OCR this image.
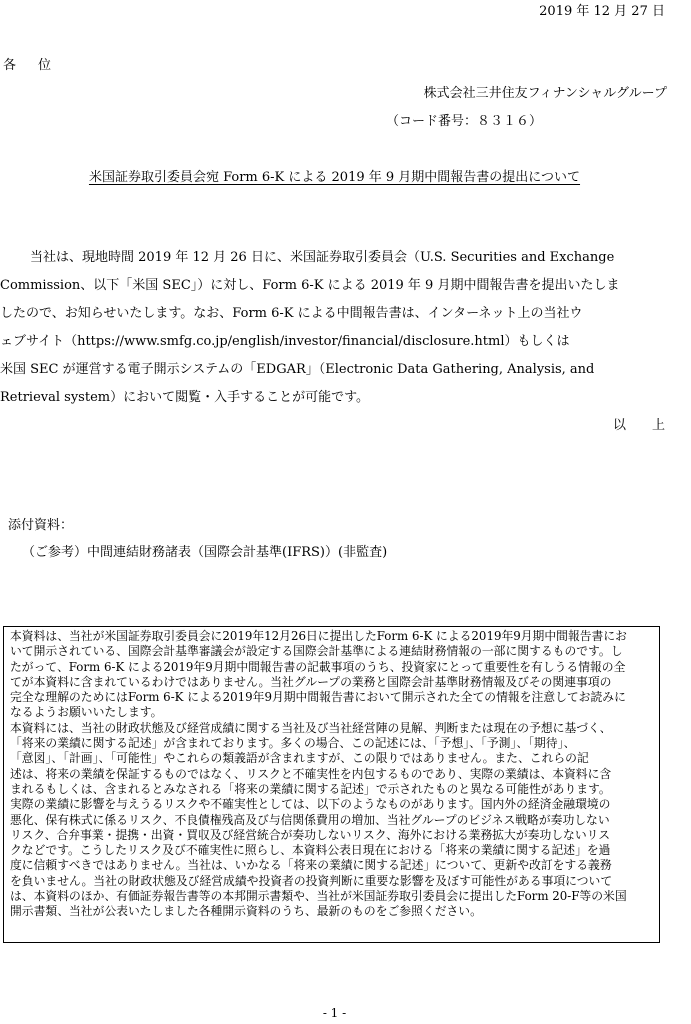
2019 年 12 月 27 日
各位
株式会社三井住友フィナンシャルグループ
（コード番号：８３１６）
米国証券取引委員会宛 Form 6-K による 2019 年 9 月期中間報告書の提出について
当社は、現地時間 2019 年 12 月 26 日に、米国証券取引委員会（U.S. Securities and Exchange
Commission、以下「米国 SEC」）に対し、Form 6-K による 2019 年 9 月期中間報告書を提出いたしま
したので、お知らせいたします。なお、Form 6-K による中間報告書は、インターネット上の当社ウ
ェブサイト（https://www.smfg.co.jp/english/investor/financial/disclosure.html）もしくは
米国 SEC が運営する電子開示システムの「EDGAR」（Electronic Data Gathering, Analysis, and
Retrieval system）において閲覧・入手することが可能です。
以上
添付資料：
（ご参考）中間連結財務諸表（国際会計基準(IFRS)）(非監査)
本資料は、当社が米国証券取引委員会に2019年12月26日に提出したForm 6-K による2019年9月期中間報告書にお
いて開示されている、国際会計基準審議会が設定する国際会計基準による連結財務情報の一部に関するものです。し
たがって、Form 6-K による2019年9月期中間報告書の記載事項のうち、投資家にとって重要性を有しうる情報の全
てが本資料に含まれているわけではありません。当社グループの業務と国際会計基準財務情報及びその関連事項の
完全な理解のためにはForm 6-K による2019年9月期中間報告書において開示された全ての情報を注意してお読みに
なるようお願いいたします。
本資料には、当社の財政状態及び経営成績に関する当社及び当社経営陣の見解、判断または現在の予想に基づく、
「将来の業績に関する記述」が含まれております。多くの場合、この記述には、「予想」、「予測」、「期待」、
「意図」、「計画」、「可能性」やこれらの類義語が含まれますが、この限りではありません。また、これらの記
述は、将来の業績を保証するものではなく、リスクと不確実性を内包するものであり、実際の業績は、本資料に含
まれるもしくは、含まれるとみなされる「将来の業績に関する記述」で示されたものと異なる可能性があります。
実際の業績に影響を与えうるリスクや不確実性としては、以下のようなものがあります。国内外の経済金融環境の
悪化、保有株式に係るリスク、不良債権残高及び与信関係費用の増加、当社グループのビジネス戦略が奏功しない
リスク、合弁事業・提携・出資・買収及び経営統合が奏功しないリスク、海外における業務拡大が奏功しないリス
クなどです。こうしたリスク及び不確実性に照らし、本資料公表日現在における「将来の業績に関する記述」を過
度に信頼すべきではありません。当社は、いかなる「将来の業績に関する記述」について、更新や改訂をする義務
を負いません。当社の財政状態及び経営成績や投資者の投資判断に重要な影響を及ぼす可能性がある事項について
は、本資料のほか、有価証券報告書等の本邦開示書類や、当社が米国証券取引委員会に提出したForm 20-F等の米国
開示書類、当社が公表いたしました各種開示資料のうち、最新のものをご参照ください。
- 1 -
